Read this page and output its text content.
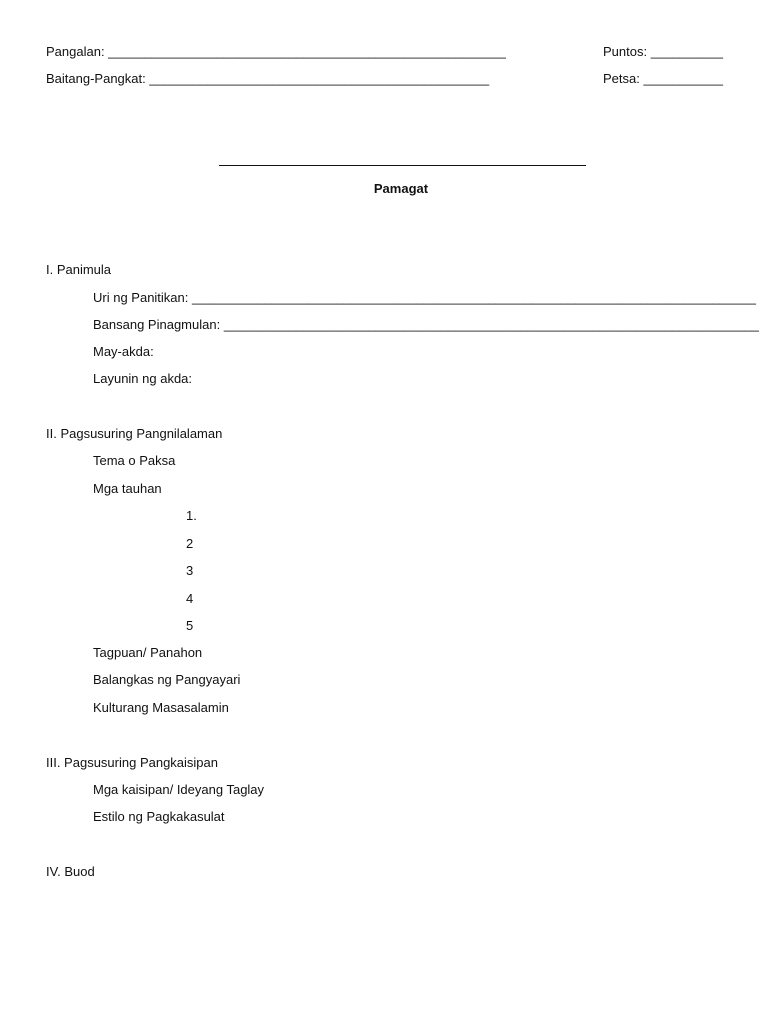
Pangalan: _______________________________________________________	Puntos: __________
Baitang-Pangkat: _______________________________________________	Petsa: ___________
Pamagat
I. Panimula
Uri ng Panitikan: ______________________________________________________________________________
Bansang Pinagmulan: __________________________________________________________________________
May-akda:
Layunin ng akda:
II. Pagsusuring Pangnilalaman
Tema o Paksa
Mga tauhan
1.
2
3
4
5
Tagpuan/ Panahon
Balangkas ng Pangyayari
Kulturang Masasalamin
III. Pagsusuring Pangkaisipan
Mga kaisipan/ Ideyang Taglay
Estilo ng Pagkakasulat
IV. Buod
